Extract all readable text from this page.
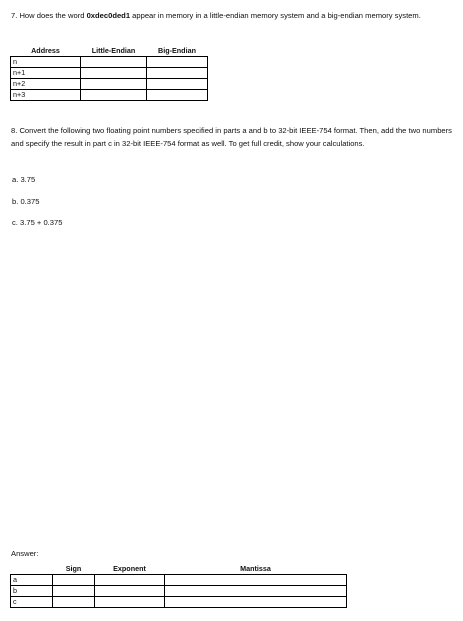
7. How does the word 0xdec0ded1 appear in memory in a little-endian memory system and a big-endian memory system.
Address	Little-Endian	Big-Endian
n		
n+1		
n+2		
n+3		
8. Convert the following two floating point numbers specified in parts a and b to 32-bit IEEE-754 format. Then, add the two numbers and specify the result in part c in 32-bit IEEE-754 format as well. To get full credit, show your calculations.
a. 3.75
b. 0.375
c. 3.75 + 0.375
Answer:
	Sign	Exponent	Mantissa
a			
b			
c			
